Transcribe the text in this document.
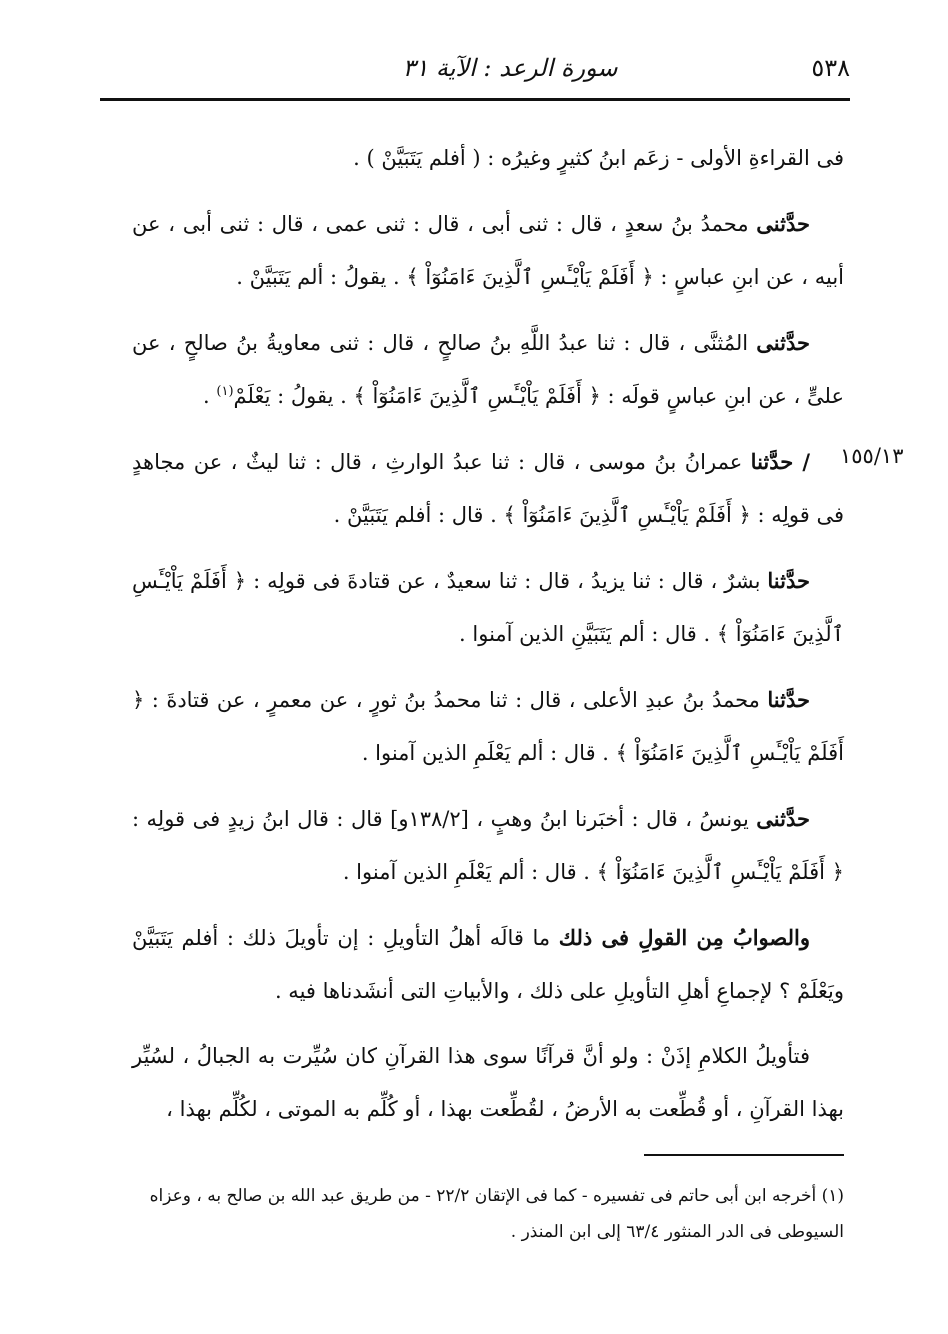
٥٣٨
سورة الرعد : الآية ٣١
١٥٥/١٣

فى القراءةِ الأولى - زعَم ابنُ كثيرٍ وغيرُه : ( أفلم يَتَبَيَّنْ ) .

حدَّثنى محمدُ بنُ سعدٍ ، قال : ثنى أبى ، قال : ثنى عمى ، قال : ثنى أبى ، عن أبيه ، عن ابنِ عباسٍ : ﴿ أَفَلَمْ يَاْيْـَٔسِ ٱلَّذِينَ ءَامَنُوٓاْ ﴾ . يقولُ : ألم يَتَبَيَّنْ .

حدَّثنى المُثنَّى ، قال : ثنا عبدُ اللَّهِ بنُ صالحٍ ، قال : ثنى معاويةُ بنُ صالحٍ ، عن علىٍّ ، عن ابنِ عباسٍ قولَه : ﴿ أَفَلَمْ يَاْيْـَٔسِ ٱلَّذِينَ ءَامَنُوٓاْ ﴾ . يقولُ : يَعْلَمْ$^{(١)}$ .

/ حدَّثنا عمرانُ بنُ موسى ، قال : ثنا عبدُ الوارثِ ، قال : ثنا ليثٌ ، عن مجاهدٍ فى قولِه : ﴿ أَفَلَمْ يَاْيْـَٔسِ ٱلَّذِينَ ءَامَنُوٓاْ ﴾ . قال : أفلم يَتَبَيَّنْ .

حدَّثنا بشرٌ ، قال : ثنا يزيدُ ، قال : ثنا سعيدٌ ، عن قتادةَ فى قولِه : ﴿ أَفَلَمْ يَاْيْـَٔسِ ٱلَّذِينَ ءَامَنُوٓاْ ﴾ . قال : ألم يَتَبَيَّنِ الذين آمنوا .

حدَّثنا محمدُ بنُ عبدِ الأعلى ، قال : ثنا محمدُ بنُ ثورٍ ، عن معمرٍ ، عن قتادةَ : ﴿ أَفَلَمْ يَاْيْـَٔسِ ٱلَّذِينَ ءَامَنُوٓاْ ﴾ . قال : ألم يَعْلَمِ الذين آمنوا .

حدَّثنى يونسُ ، قال : أخبَرنا ابنُ وهبٍ ، [١٣٨/٢و] قال : قال ابنُ زيدٍ فى قولِه : ﴿ أَفَلَمْ يَاْيْـَٔسِ ٱلَّذِينَ ءَامَنُوٓاْ ﴾ . قال : ألم يَعْلَمِ الذين آمنوا .

والصوابُ مِن القولِ فى ذلك ما قالَه أهلُ التأويلِ : إن تأويلَ ذلك : أفلم يَتَبَيَّنْ ويَعْلَمْ ؟ لإجماعِ أهلِ التأويلِ على ذلك ، والأبياتِ التى أنشَدناها فيه .

فتأويلُ الكلامِ إذَنْ : ولو أنَّ قرآنًا سوى هذا القرآنِ كان سُيِّرت به الجبالُ ، لسُيِّر بهذا القرآنِ ، أو قُطِّعت به الأرضُ ، لقُطِّعت بهذا ، أو كُلِّم به الموتى ، لكُلِّم بهذا ،

(١) أخرجه ابن أبى حاتم فى تفسيره - كما فى الإتقان ٢٢/٢ - من طريق عبد الله بن صالح به ، وعزاه
السيوطى فى الدر المنثور ٦٣/٤ إلى ابن المنذر .
